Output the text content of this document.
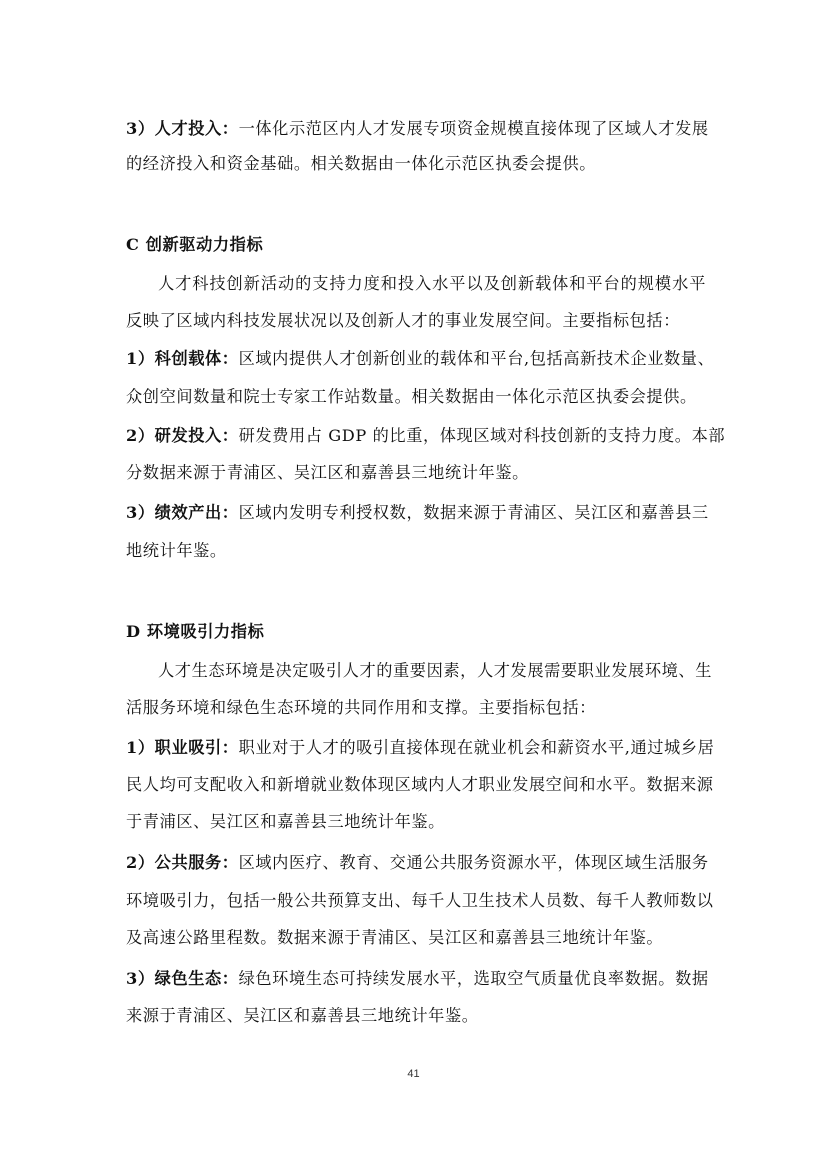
3）人才投入：一体化示范区内人才发展专项资金规模直接体现了区域人才发展
的经济投入和资金基础。相关数据由一体化示范区执委会提供。
C 创新驱动力指标
人才科技创新活动的支持力度和投入水平以及创新载体和平台的规模水平
反映了区域内科技发展状况以及创新人才的事业发展空间。主要指标包括：
1）科创载体：区域内提供人才创新创业的载体和平台,包括高新技术企业数量、
众创空间数量和院士专家工作站数量。相关数据由一体化示范区执委会提供。
2）研发投入：研发费用占 GDP 的比重，体现区域对科技创新的支持力度。本部
分数据来源于青浦区、吴江区和嘉善县三地统计年鉴。
3）绩效产出：区域内发明专利授权数，数据来源于青浦区、吴江区和嘉善县三
地统计年鉴。
D 环境吸引力指标
人才生态环境是决定吸引人才的重要因素，人才发展需要职业发展环境、生
活服务环境和绿色生态环境的共同作用和支撑。主要指标包括：
1）职业吸引：职业对于人才的吸引直接体现在就业机会和薪资水平,通过城乡居
民人均可支配收入和新增就业数体现区域内人才职业发展空间和水平。数据来源
于青浦区、吴江区和嘉善县三地统计年鉴。
2）公共服务：区域内医疗、教育、交通公共服务资源水平，体现区域生活服务
环境吸引力，包括一般公共预算支出、每千人卫生技术人员数、每千人教师数以
及高速公路里程数。数据来源于青浦区、吴江区和嘉善县三地统计年鉴。
3）绿色生态：绿色环境生态可持续发展水平，选取空气质量优良率数据。数据
来源于青浦区、吴江区和嘉善县三地统计年鉴。
41
